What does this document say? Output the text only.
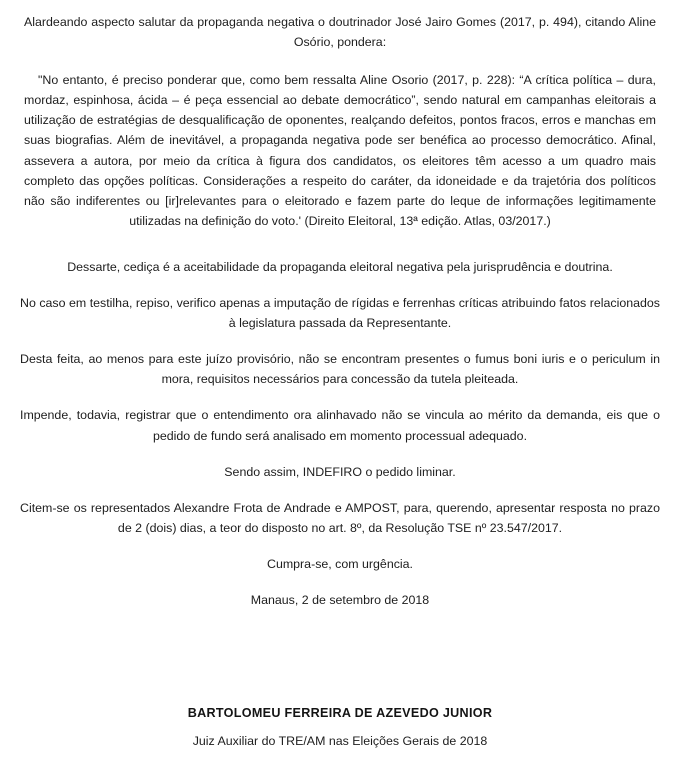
Alardeando aspecto salutar da propaganda negativa o doutrinador José Jairo Gomes (2017, p. 494), citando Aline Osório, pondera:

"No entanto, é preciso ponderar que, como bem ressalta Aline Osorio (2017, p. 228): “A crítica política – dura, mordaz, espinhosa, ácida – é peça essencial ao debate democrático”, sendo natural em campanhas eleitorais a utilização de estratégias de desqualificação de oponentes, realçando defeitos, pontos fracos, erros e manchas em suas biografias. Além de inevitável, a propaganda negativa pode ser benéfica ao processo democrático. Afinal, assevera a autora, por meio da crítica à figura dos candidatos, os eleitores têm acesso a um quadro mais completo das opções políticas. Considerações a respeito do caráter, da idoneidade e da trajetória dos políticos não são indiferentes ou [ir]relevantes para o eleitorado e fazem parte do leque de informações legitimamente utilizadas na definição do voto.' (Direito Eleitoral, 13ª edição. Atlas, 03/2017.)

Dessarte, cediça é a aceitabilidade da propaganda eleitoral negativa pela jurisprudência e doutrina.

No caso em testilha, repiso, verifico apenas a imputação de rígidas e ferrenhas críticas atribuindo fatos relacionados à legislatura passada da Representante.

Desta feita, ao menos para este juízo provisório, não se encontram presentes o fumus boni iuris e o periculum in mora, requisitos necessários para concessão da tutela pleiteada.

Impende, todavia, registrar que o entendimento ora alinhavado não se vincula ao mérito da demanda, eis que o pedido de fundo será analisado em momento processual adequado.

Sendo assim, INDEFIRO o pedido liminar.

Citem-se os representados Alexandre Frota de Andrade e AMPOST, para, querendo, apresentar resposta no prazo de 2 (dois) dias, a teor do disposto no art. 8º, da Resolução TSE nº 23.547/2017.

Cumpra-se, com urgência.

Manaus, 2 de setembro de 2018

BARTOLOMEU FERREIRA DE AZEVEDO JUNIOR
Juiz Auxiliar do TRE/AM nas Eleições Gerais de 2018
